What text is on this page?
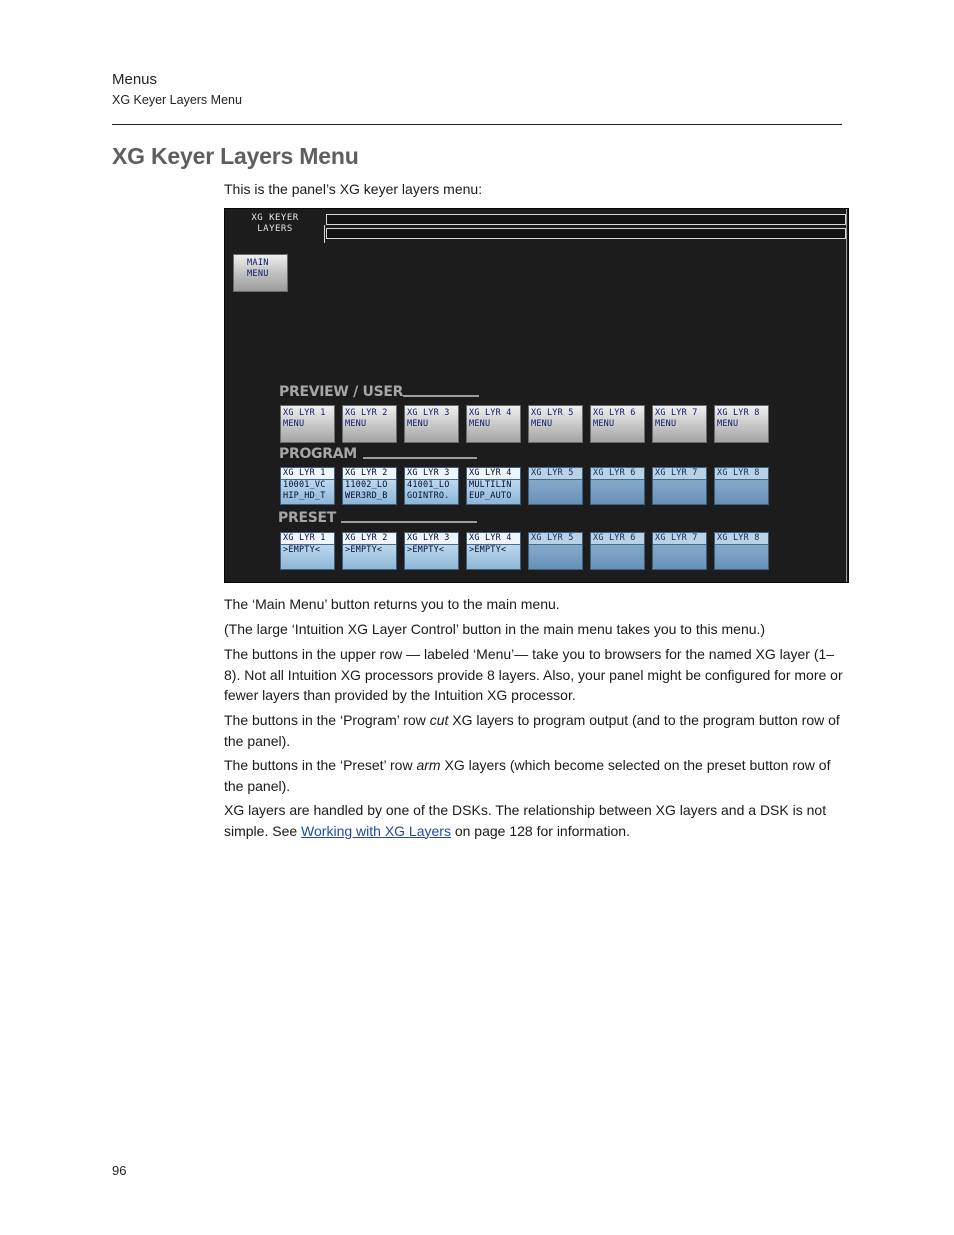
Menus
XG Keyer Layers Menu
XG Keyer Layers Menu
This is the panel’s XG keyer layers menu:
XG KEYER
LAYERS
MAIN
MENU
PREVIEW / USER
PROGRAM
PRESET
XG LYR 1
MENU
XG LYR 2
MENU
XG LYR 3
MENU
XG LYR 4
MENU
XG LYR 5
MENU
XG LYR 6
MENU
XG LYR 7
MENU
XG LYR 8
MENU
XG LYR 1
10001_VC
HIP_HD_T
XG LYR 2
11002_LO
WER3RD_B
XG LYR 3
41001_LO
GOINTRO.
XG LYR 4
MULTILIN
EUP_AUTO
XG LYR 5	XG LYR 6	XG LYR 7	XG LYR 8
XG LYR 1
>EMPTY<
XG LYR 2
>EMPTY<
XG LYR 3
>EMPTY<
XG LYR 4
>EMPTY<
XG LYR 5	XG LYR 6	XG LYR 7	XG LYR 8

The ‘Main Menu’ button returns you to the main menu.

(The large ‘Intuition XG Layer Control’ button in the main menu takes you to this menu.)

The buttons in the upper row — labeled ‘Menu’— take you to browsers for the named XG layer (1–8). Not all Intuition XG processors provide 8 layers. Also, your panel might be configured for more or fewer layers than provided by the Intuition XG processor.

The buttons in the ‘Program’ row cut XG layers to program output (and to the program button row of the panel).

The buttons in the ‘Preset’ row arm XG layers (which become selected on the preset button row of the panel).

XG layers are handled by one of the DSKs. The relationship between XG layers and a DSK is not simple. See Working with XG Layers on page 128 for information.

96
